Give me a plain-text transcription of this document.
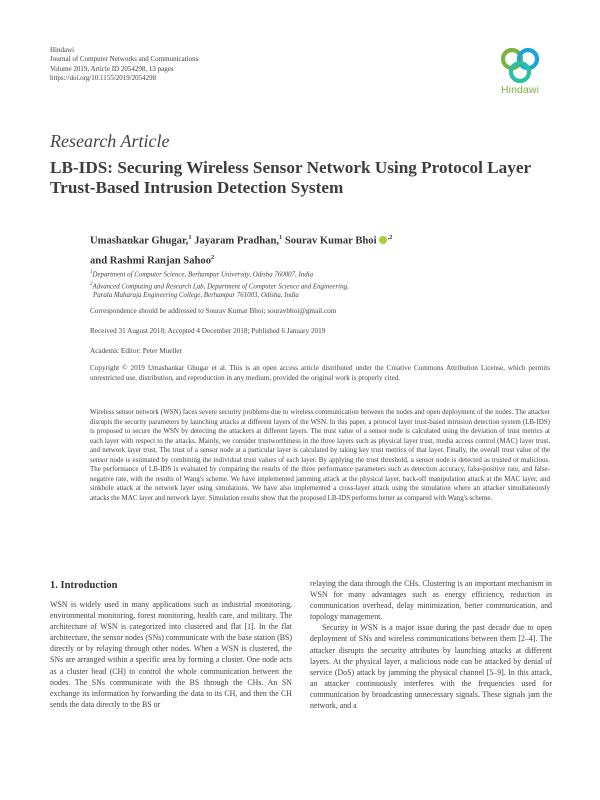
Hindawi
Journal of Computer Networks and Communications
Volume 2019, Article ID 2054298, 13 pages
https://doi.org/10.1155/2019/2054298
Hindawi
Research Article
LB-IDS: Securing Wireless Sensor Network Using Protocol Layer Trust-Based Intrusion Detection System
Umashankar Ghugar,$^1$ Jayaram Pradhan,$^1$ Sourav Kumar Bhoi $^{,2}$
and Rashmi Ranjan Sahoo$^2$
$^1$Department of Computer Science, Berhampur University, Odisha 760007, India
$^2$Advanced Computing and Research Lab, Department of Computer Science and Engineering,
Parala Maharaja Engineering College, Berhampur 761003, Odisha, India
Correspondence should be addressed to Sourav Kumar Bhoi; souravbhoi@gmail.com
Received 31 August 2018; Accepted 4 December 2018; Published 6 January 2019
Academic Editor: Peter Mueller
Copyright © 2019 Umashankar Ghugar et al. This is an open access article distributed under the Creative Commons Attribution License, which permits unrestricted use, distribution, and reproduction in any medium, provided the original work is properly cited.
Wireless sensor network (WSN) faces severe security problems due to wireless communication between the nodes and open deployment of the nodes. The attacker disrupts the security parameters by launching attacks at different layers of the WSN. In this paper, a protocol layer trust-based intrusion detection system (LB-IDS) is proposed to secure the WSN by detecting the attackers at different layers. The trust value of a sensor node is calculated using the deviation of trust metrics at each layer with respect to the attacks. Mainly, we consider trustworthiness in the three layers such as physical layer trust, media access control (MAC) layer trust, and network layer trust. The trust of a sensor node at a particular layer is calculated by taking key trust metrics of that layer. Finally, the overall trust value of the sensor node is estimated by combining the individual trust values of each layer. By applying the trust threshold, a sensor node is detected as trusted or malicious. The performance of LB-IDS is evaluated by comparing the results of the three performance parameters such as detection accuracy, false-positive rate, and false-negative rate, with the results of Wang's scheme. We have implemented jamming attack at the physical layer, back-off manipulation attack at the MAC layer, and sinkhole attack at the network layer using simulations. We have also implemented a cross-layer attack using the simulation where an attacker simultaneously attacks the MAC layer and network layer. Simulation results show that the proposed LB-IDS performs better as compared with Wang's scheme.
1. Introduction

WSN is widely used in many applications such as industrial monitoring, environmental monitoring, forest monitoring, health care, and military. The architecture of WSN is categorized into clustered and flat [1]. In the flat architecture, the sensor nodes (SNs) communicate with the base station (BS) directly or by relaying through other nodes. When a WSN is clustered, the SNs are arranged within a specific area by forming a cluster. One node acts as a cluster head (CH) to control the whole communication between the nodes. The SNs communicate with the BS through the CHs. An SN exchange its information by forwarding the data to its CH, and then the CH sends the data directly to the BS or

relaying the data through the CHs. Clustering is an important mechanism in WSN for many advantages such as energy efficiency, reduction in communication overhead, delay minimization, better communication, and topology management.

Security in WSN is a major issue during the past decade due to open deployment of SNs and wireless communications between them [2–4]. The attacker disrupts the security attributes by launching attacks at different layers. At the physical layer, a malicious node can be attacked by denial of service (DoS) attack by jamming the physical channel [5–9]. In this attack, an attacker continuously interferes with the frequencies used for communication by broadcasting unnecessary signals. These signals jam the network, and a
